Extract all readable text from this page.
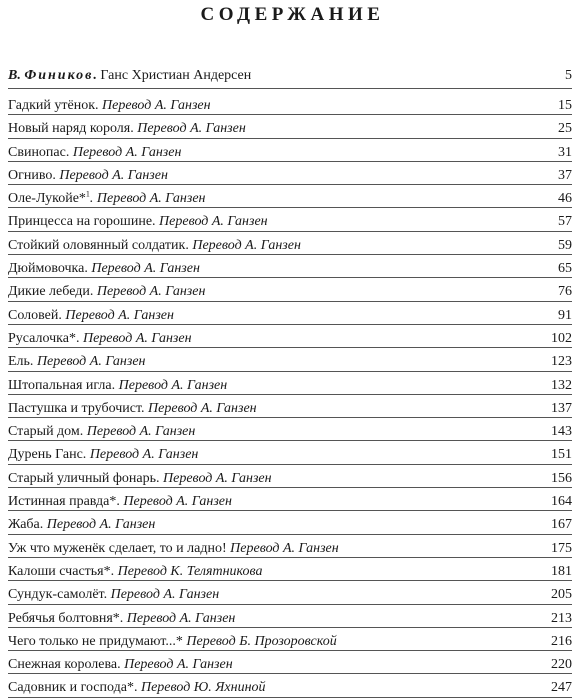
СОДЕРЖАНИЕ
В. Фиников. Ганс Христиан Андерсен	5
Гадкий утёнок. Перевод А. Ганзен	15
Новый наряд короля. Перевод А. Ганзен	25
Свинопас. Перевод А. Ганзен	31
Огниво. Перевод А. Ганзен	37
Оле-Лукойе*$^1$. Перевод А. Ганзен	46
Принцесса на горошине. Перевод А. Ганзен	57
Стойкий оловянный солдатик. Перевод А. Ганзен	59
Дюймовочка. Перевод А. Ганзен	65
Дикие лебеди. Перевод А. Ганзен	76
Соловей. Перевод А. Ганзен	91
Русалочка*. Перевод А. Ганзен	102
Ель. Перевод А. Ганзен	123
Штопальная игла. Перевод А. Ганзен	132
Пастушка и трубочист. Перевод А. Ганзен	137
Старый дом. Перевод А. Ганзен	143
Дурень Ганс. Перевод А. Ганзен	151
Старый уличный фонарь. Перевод А. Ганзен	156
Истинная правда*. Перевод А. Ганзен	164
Жаба. Перевод А. Ганзен	167
Уж что муженёк сделает, то и ладно! Перевод А. Ганзен	175
Калоши счастья*. Перевод К. Телятникова	181
Сундук-самолёт. Перевод А. Ганзен	205
Ребячья болтовня*. Перевод А. Ганзен	213
Чего только не придумают...* Перевод Б. Прозоровской	216
Снежная королева. Перевод А. Ганзен	220
Садовник и господа*. Перевод Ю. Яхниной	247
